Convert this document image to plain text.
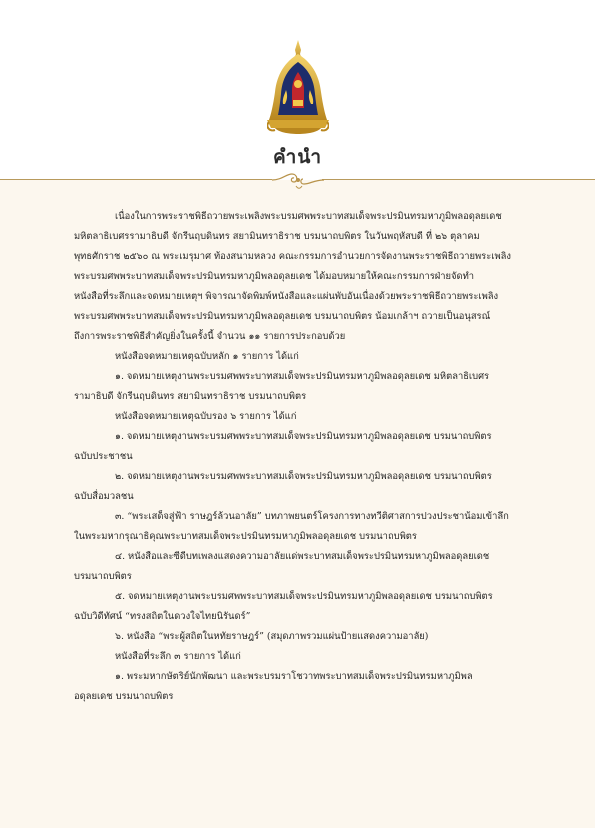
คำนำ
เนื่องในการพระราชพิธีถวายพระเพลิงพระบรมศพพระบาทสมเด็จพระปรมินทรมหาภูมิพลอดุลยเดช
มหิตลาธิเบศรรามาธิบดี จักรีนฤบดินทร สยามินทราธิราช บรมนาถบพิตร ในวันพฤหัสบดี ที่ ๒๖ ตุลาคม
พุทธศักราช ๒๕๖๐ ณ พระเมรุมาศ ท้องสนามหลวง คณะกรรมการอำนวยการจัดงานพระราชพิธีถวายพระเพลิง
พระบรมศพพระบาทสมเด็จพระปรมินทรมหาภูมิพลอดุลยเดช ได้มอบหมายให้คณะกรรมการฝ่ายจัดทำ
หนังสือที่ระลึกและจดหมายเหตุฯ พิจารณาจัดพิมพ์หนังสือและแผ่นพับอันเนื่องด้วยพระราชพิธีถวายพระเพลิง
พระบรมศพพระบาทสมเด็จพระปรมินทรมหาภูมิพลอดุลยเดช บรมนาถบพิตร น้อมเกล้าฯ ถวายเป็นอนุสรณ์
ถึงการพระราชพิธีสำคัญยิ่งในครั้งนี้ จำนวน ๑๑ รายการประกอบด้วย
หนังสือจดหมายเหตุฉบับหลัก ๑ รายการ ได้แก่
๑. จดหมายเหตุงานพระบรมศพพระบาทสมเด็จพระปรมินทรมหาภูมิพลอดุลยเดช มหิตลาธิเบศร
รามาธิบดี จักรีนฤบดินทร สยามินทราธิราช บรมนาถบพิตร
หนังสือจดหมายเหตุฉบับรอง ๖ รายการ ได้แก่
๑. จดหมายเหตุงานพระบรมศพพระบาทสมเด็จพระปรมินทรมหาภูมิพลอดุลยเดช บรมนาถบพิตร
ฉบับประชาชน
๒. จดหมายเหตุงานพระบรมศพพระบาทสมเด็จพระปรมินทรมหาภูมิพลอดุลยเดช บรมนาถบพิตร
ฉบับสื่อมวลชน
๓. “พระเสด็จสู่ฟ้า ราษฎร์ล้วนอาลัย” บทภาพยนตร์โครงการทางทวีติศาสการปวงประชาน้อมเข้าลึก
ในพระมหากรุณาธิคุณพระบาทสมเด็จพระปรมินทรมหาภูมิพลอดุลยเดช บรมนาถบพิตร
๔. หนังสือและซีดีบทเพลงแสดงความอาลัยแด่พระบาทสมเด็จพระปรมินทรมหาภูมิพลอดุลยเดช
บรมนาถบพิตร
๕. จดหมายเหตุงานพระบรมศพพระบาทสมเด็จพระปรมินทรมหาภูมิพลอดุลยเดช บรมนาถบพิตร
ฉบับวิดีทัศน์ “ทรงสถิตในดวงใจไทยนิรันดร์”
๖. หนังสือ “พระผู้สถิตในหทัยราษฎร์” (สมุดภาพรวมแผ่นป้ายแสดงความอาลัย)
หนังสือที่ระลึก ๓ รายการ ได้แก่
๑. พระมหากษัตริย์นักพัฒนา และพระบรมราโชวาทพระบาทสมเด็จพระปรมินทรมหาภูมิพล
อดุลยเดช บรมนาถบพิตร
